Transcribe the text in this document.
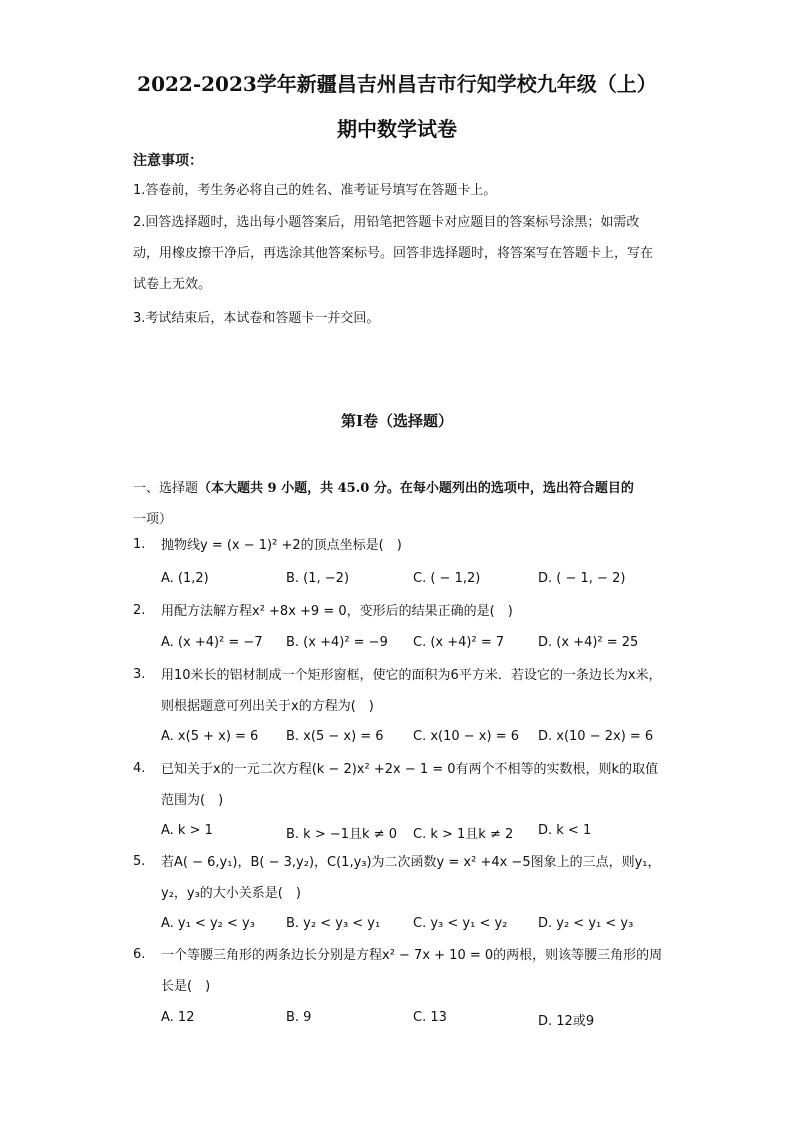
2022-2023学年新疆昌吉州昌吉市行知学校九年级（上）
期中数学试卷
注意事项：
1.答卷前，考生务必将自己的姓名、准考证号填写在答题卡上。
2.回答选择题时，选出每小题答案后，用铅笔把答题卡对应题目的答案标号涂黑；如需改动，用橡皮擦干净后，再选涂其他答案标号。回答非选择题时，将答案写在答题卡上，写在试卷上无效。
3.考试结束后，本试卷和答题卡一并交回。
第Ⅰ卷（选择题）
一、选择题（本大题共 9 小题，共 45.0 分。在每小题列出的选项中，选出符合题目的
一项）
1. 抛物线y = (x − 1)² +2的顶点坐标是(　)
A. (1,2)	B. (1, −2)	C. ( − 1,2)	D. ( − 1, − 2)
2. 用配方法解方程x² +8x +9 = 0，变形后的结果正确的是(　)
A. (x +4)² = −7 B. (x +4)² = −9 C. (x +4)² = 7	D. (x +4)² = 25
3. 用10米长的铝材制成一个矩形窗框，使它的面积为6平方米．若设它的一条边长为x米，则根据题意可列出关于x的方程为(　)
A. x(5 + x) = 6 B. x(5 − x) = 6 C. x(10 − x) = 6 D. x(10 − 2x) = 6
4. 已知关于x的一元二次方程(k − 2)x² +2x − 1 = 0有两个不相等的实数根，则k的取值范围为(　)
A. k > 1	B. k > −1且k ≠ 0 C. k > 1且k ≠ 2 D. k < 1
5. 若A( − 6,y₁)，B( − 3,y₂)，C(1,y₃)为二次函数y = x² +4x −5图象上的三点，则y₁，y₂，y₃的大小关系是(　)
A. y₁ < y₂ < y₃ B. y₂ < y₃ < y₁	C. y₃ < y₁ < y₂ D. y₂ < y₁ < y₃
6. 一个等腰三角形的两条边长分别是方程x² − 7x + 10 = 0的两根，则该等腰三角形的周长是(　)
A. 12	B. 9	C. 13	D. 12或9
